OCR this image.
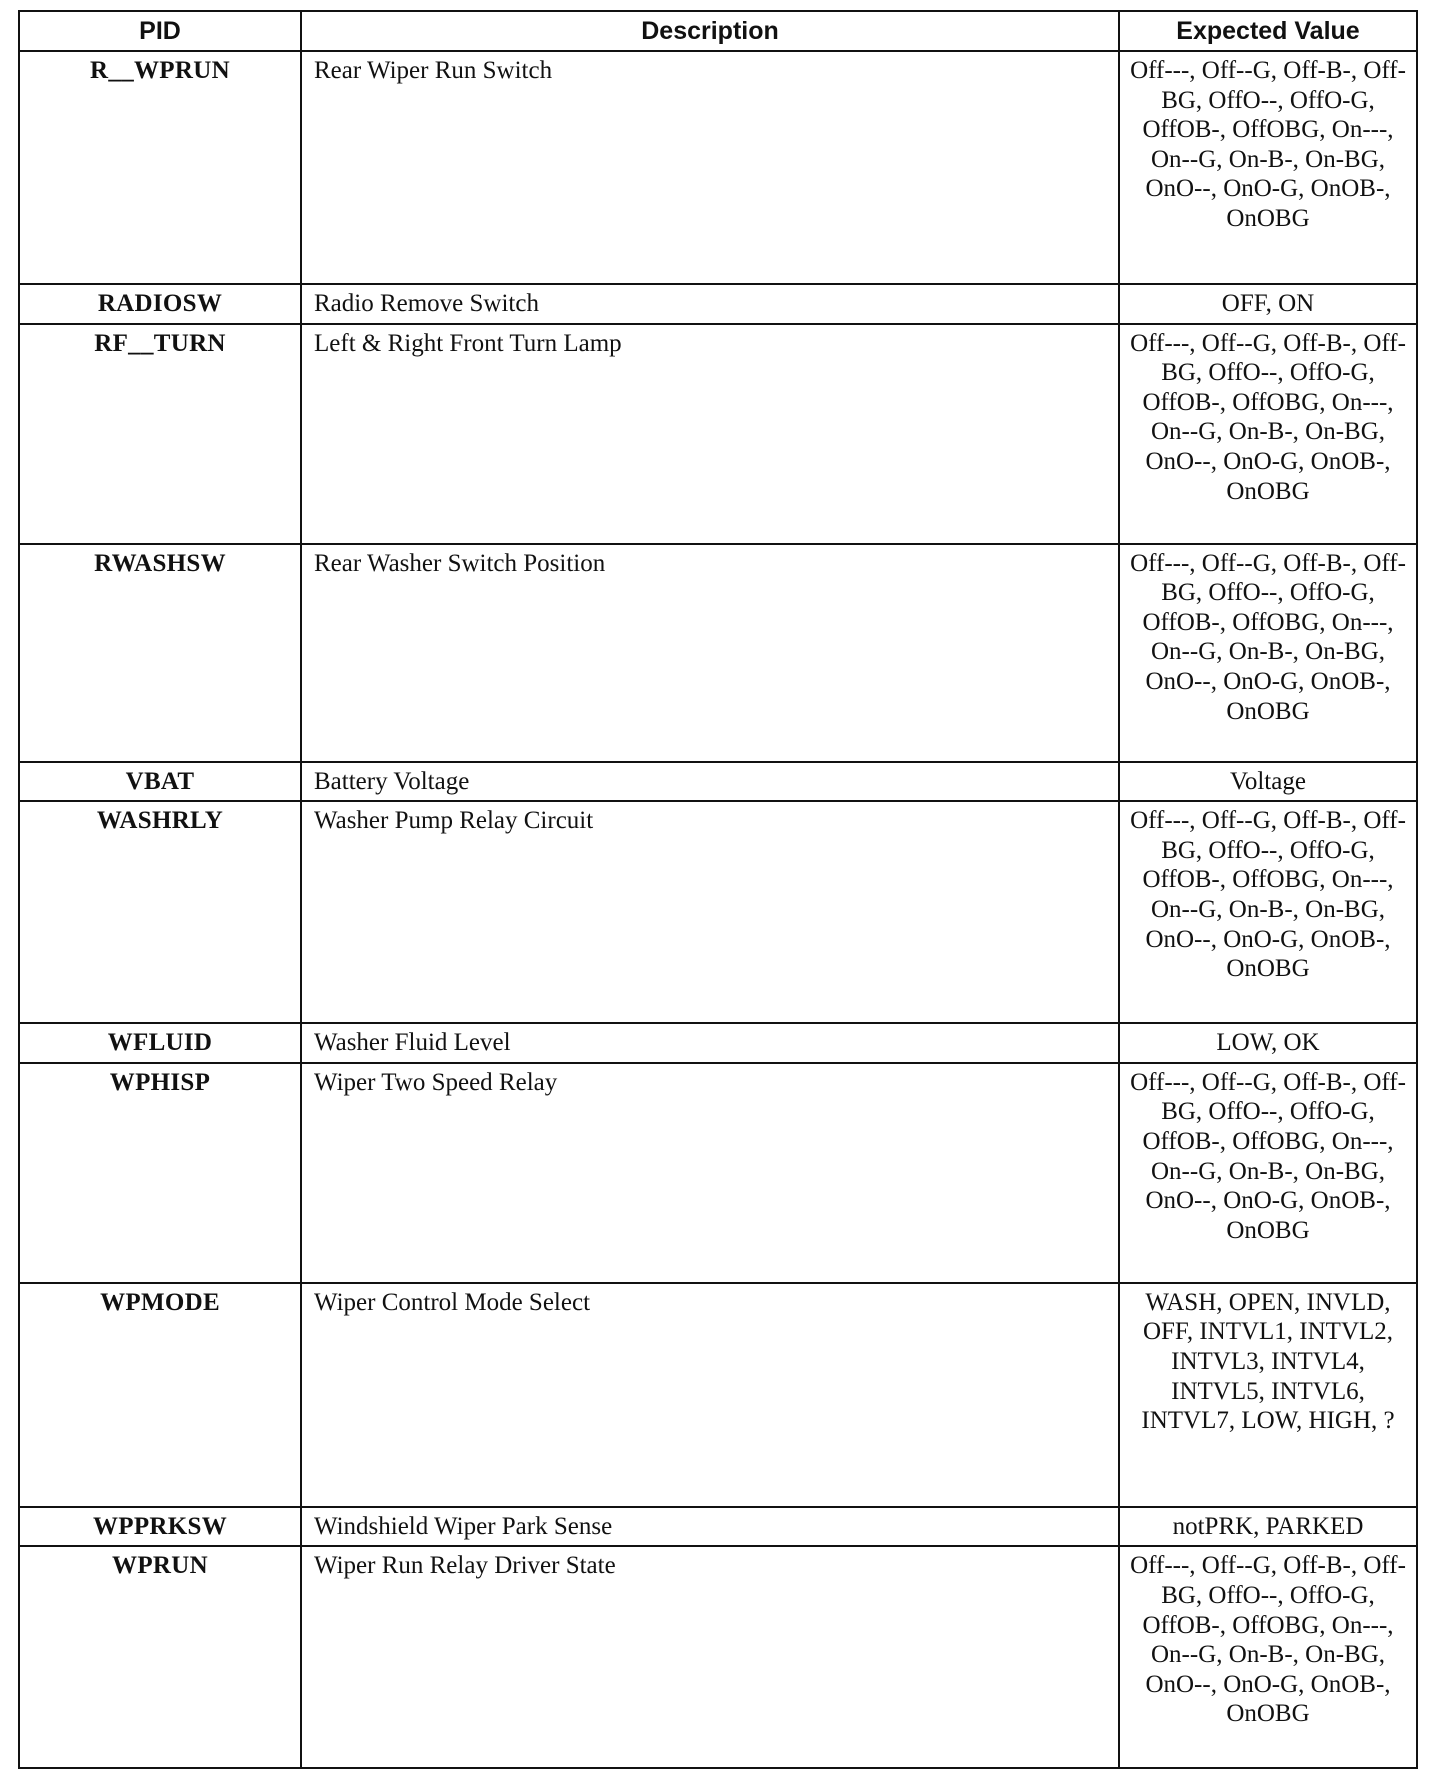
PID	Description	Expected Value
R__WPRUN	Rear Wiper Run Switch	Off---, Off--G, Off-B-, Off-BG, OffO--, OffO-G, OffOB-, OffOBG, On---, On--G, On-B-, On-BG, OnO--, OnO-G, OnOB-, OnOBG
RADIOSW	Radio Remove Switch	OFF, ON
RF__TURN	Left & Right Front Turn Lamp	Off---, Off--G, Off-B-, Off-BG, OffO--, OffO-G, OffOB-, OffOBG, On---, On--G, On-B-, On-BG, OnO--, OnO-G, OnOB-, OnOBG
RWASHSW	Rear Washer Switch Position	Off---, Off--G, Off-B-, Off-BG, OffO--, OffO-G, OffOB-, OffOBG, On---, On--G, On-B-, On-BG, OnO--, OnO-G, OnOB-, OnOBG
VBAT	Battery Voltage	Voltage
WASHRLY	Washer Pump Relay Circuit	Off---, Off--G, Off-B-, Off-BG, OffO--, OffO-G, OffOB-, OffOBG, On---, On--G, On-B-, On-BG, OnO--, OnO-G, OnOB-, OnOBG
WFLUID	Washer Fluid Level	LOW, OK
WPHISP	Wiper Two Speed Relay	Off---, Off--G, Off-B-, Off-BG, OffO--, OffO-G, OffOB-, OffOBG, On---, On--G, On-B-, On-BG, OnO--, OnO-G, OnOB-, OnOBG
WPMODE	Wiper Control Mode Select	WASH, OPEN, INVLD, OFF, INTVL1, INTVL2, INTVL3, INTVL4, INTVL5, INTVL6, INTVL7, LOW, HIGH, ?
WPPRKSW	Windshield Wiper Park Sense	notPRK, PARKED
WPRUN	Wiper Run Relay Driver State	Off---, Off--G, Off-B-, Off-BG, OffO--, OffO-G, OffOB-, OffOBG, On---, On--G, On-B-, On-BG, OnO--, OnO-G, OnOB-, OnOBG
